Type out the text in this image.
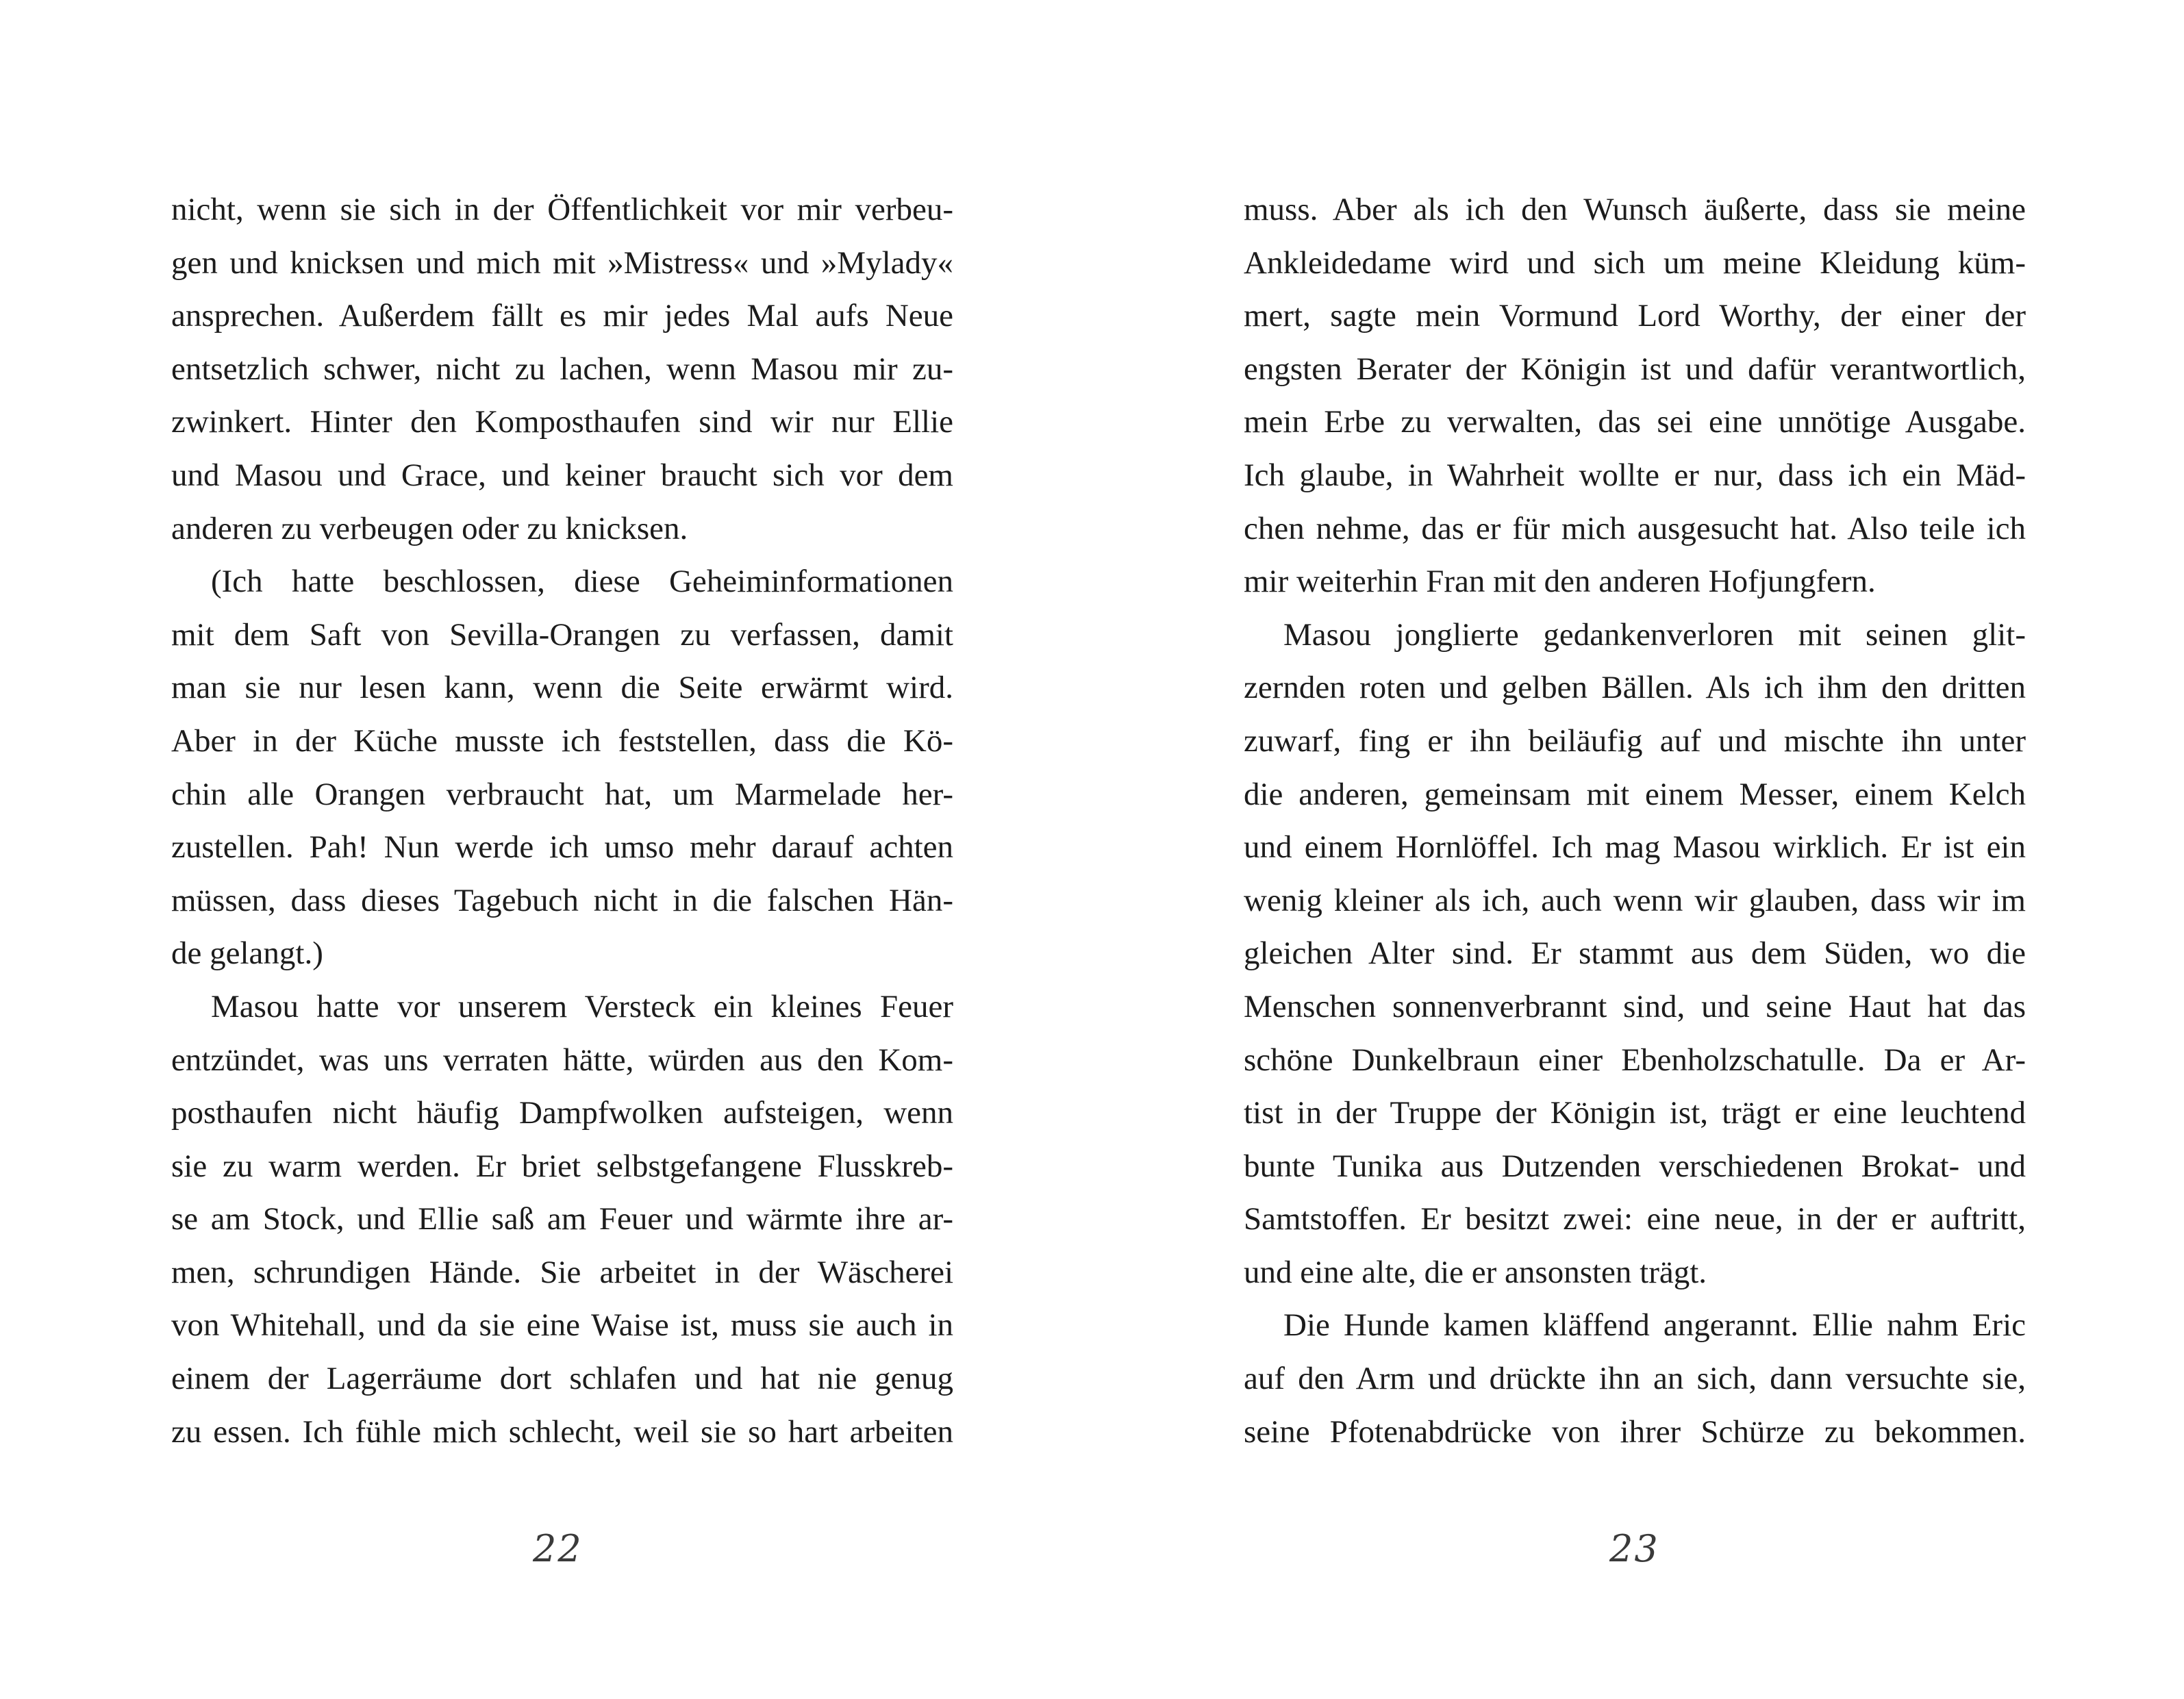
nicht, wenn sie sich in der Öffentlichkeit vor mir verbeu-
gen und knicksen und mich mit »Mistress« und »Mylady«
ansprechen. Außerdem fällt es mir jedes Mal aufs Neue
entsetzlich schwer, nicht zu lachen, wenn Masou mir zu-
zwinkert. Hinter den Komposthaufen sind wir nur Ellie
und Masou und Grace, und keiner braucht sich vor dem
anderen zu verbeugen oder zu knicksen.
(Ich hatte beschlossen, diese Geheiminformationen
mit dem Saft von Sevilla-Orangen zu verfassen, damit
man sie nur lesen kann, wenn die Seite erwärmt wird.
Aber in der Küche musste ich feststellen, dass die Kö-
chin alle Orangen verbraucht hat, um Marmelade her-
zustellen. Pah! Nun werde ich umso mehr darauf achten
müssen, dass dieses Tagebuch nicht in die falschen Hän-
de gelangt.)
Masou hatte vor unserem Versteck ein kleines Feuer
entzündet, was uns verraten hätte, würden aus den Kom-
posthaufen nicht häufig Dampfwolken aufsteigen, wenn
sie zu warm werden. Er briet selbstgefangene Flusskreb-
se am Stock, und Ellie saß am Feuer und wärmte ihre ar-
men, schrundigen Hände. Sie arbeitet in der Wäscherei
von Whitehall, und da sie eine Waise ist, muss sie auch in
einem der Lagerräume dort schlafen und hat nie genug
zu essen. Ich fühle mich schlecht, weil sie so hart arbeiten
22
muss. Aber als ich den Wunsch äußerte, dass sie meine
Ankleidedame wird und sich um meine Kleidung küm-
mert, sagte mein Vormund Lord Worthy, der einer der
engsten Berater der Königin ist und dafür verantwortlich,
mein Erbe zu verwalten, das sei eine unnötige Ausgabe.
Ich glaube, in Wahrheit wollte er nur, dass ich ein Mäd-
chen nehme, das er für mich ausgesucht hat. Also teile ich
mir weiterhin Fran mit den anderen Hofjungfern.
Masou jonglierte gedankenverloren mit seinen glit-
zernden roten und gelben Bällen. Als ich ihm den dritten
zuwarf, fing er ihn beiläufig auf und mischte ihn unter
die anderen, gemeinsam mit einem Messer, einem Kelch
und einem Hornlöffel. Ich mag Masou wirklich. Er ist ein
wenig kleiner als ich, auch wenn wir glauben, dass wir im
gleichen Alter sind. Er stammt aus dem Süden, wo die
Menschen sonnenverbrannt sind, und seine Haut hat das
schöne Dunkelbraun einer Ebenholzschatulle. Da er Ar-
tist in der Truppe der Königin ist, trägt er eine leuchtend
bunte Tunika aus Dutzenden verschiedenen Brokat- und
Samtstoffen. Er besitzt zwei: eine neue, in der er auftritt,
und eine alte, die er ansonsten trägt.
Die Hunde kamen kläffend angerannt. Ellie nahm Eric
auf den Arm und drückte ihn an sich, dann versuchte sie,
seine Pfotenabdrücke von ihrer Schürze zu bekommen.
23
